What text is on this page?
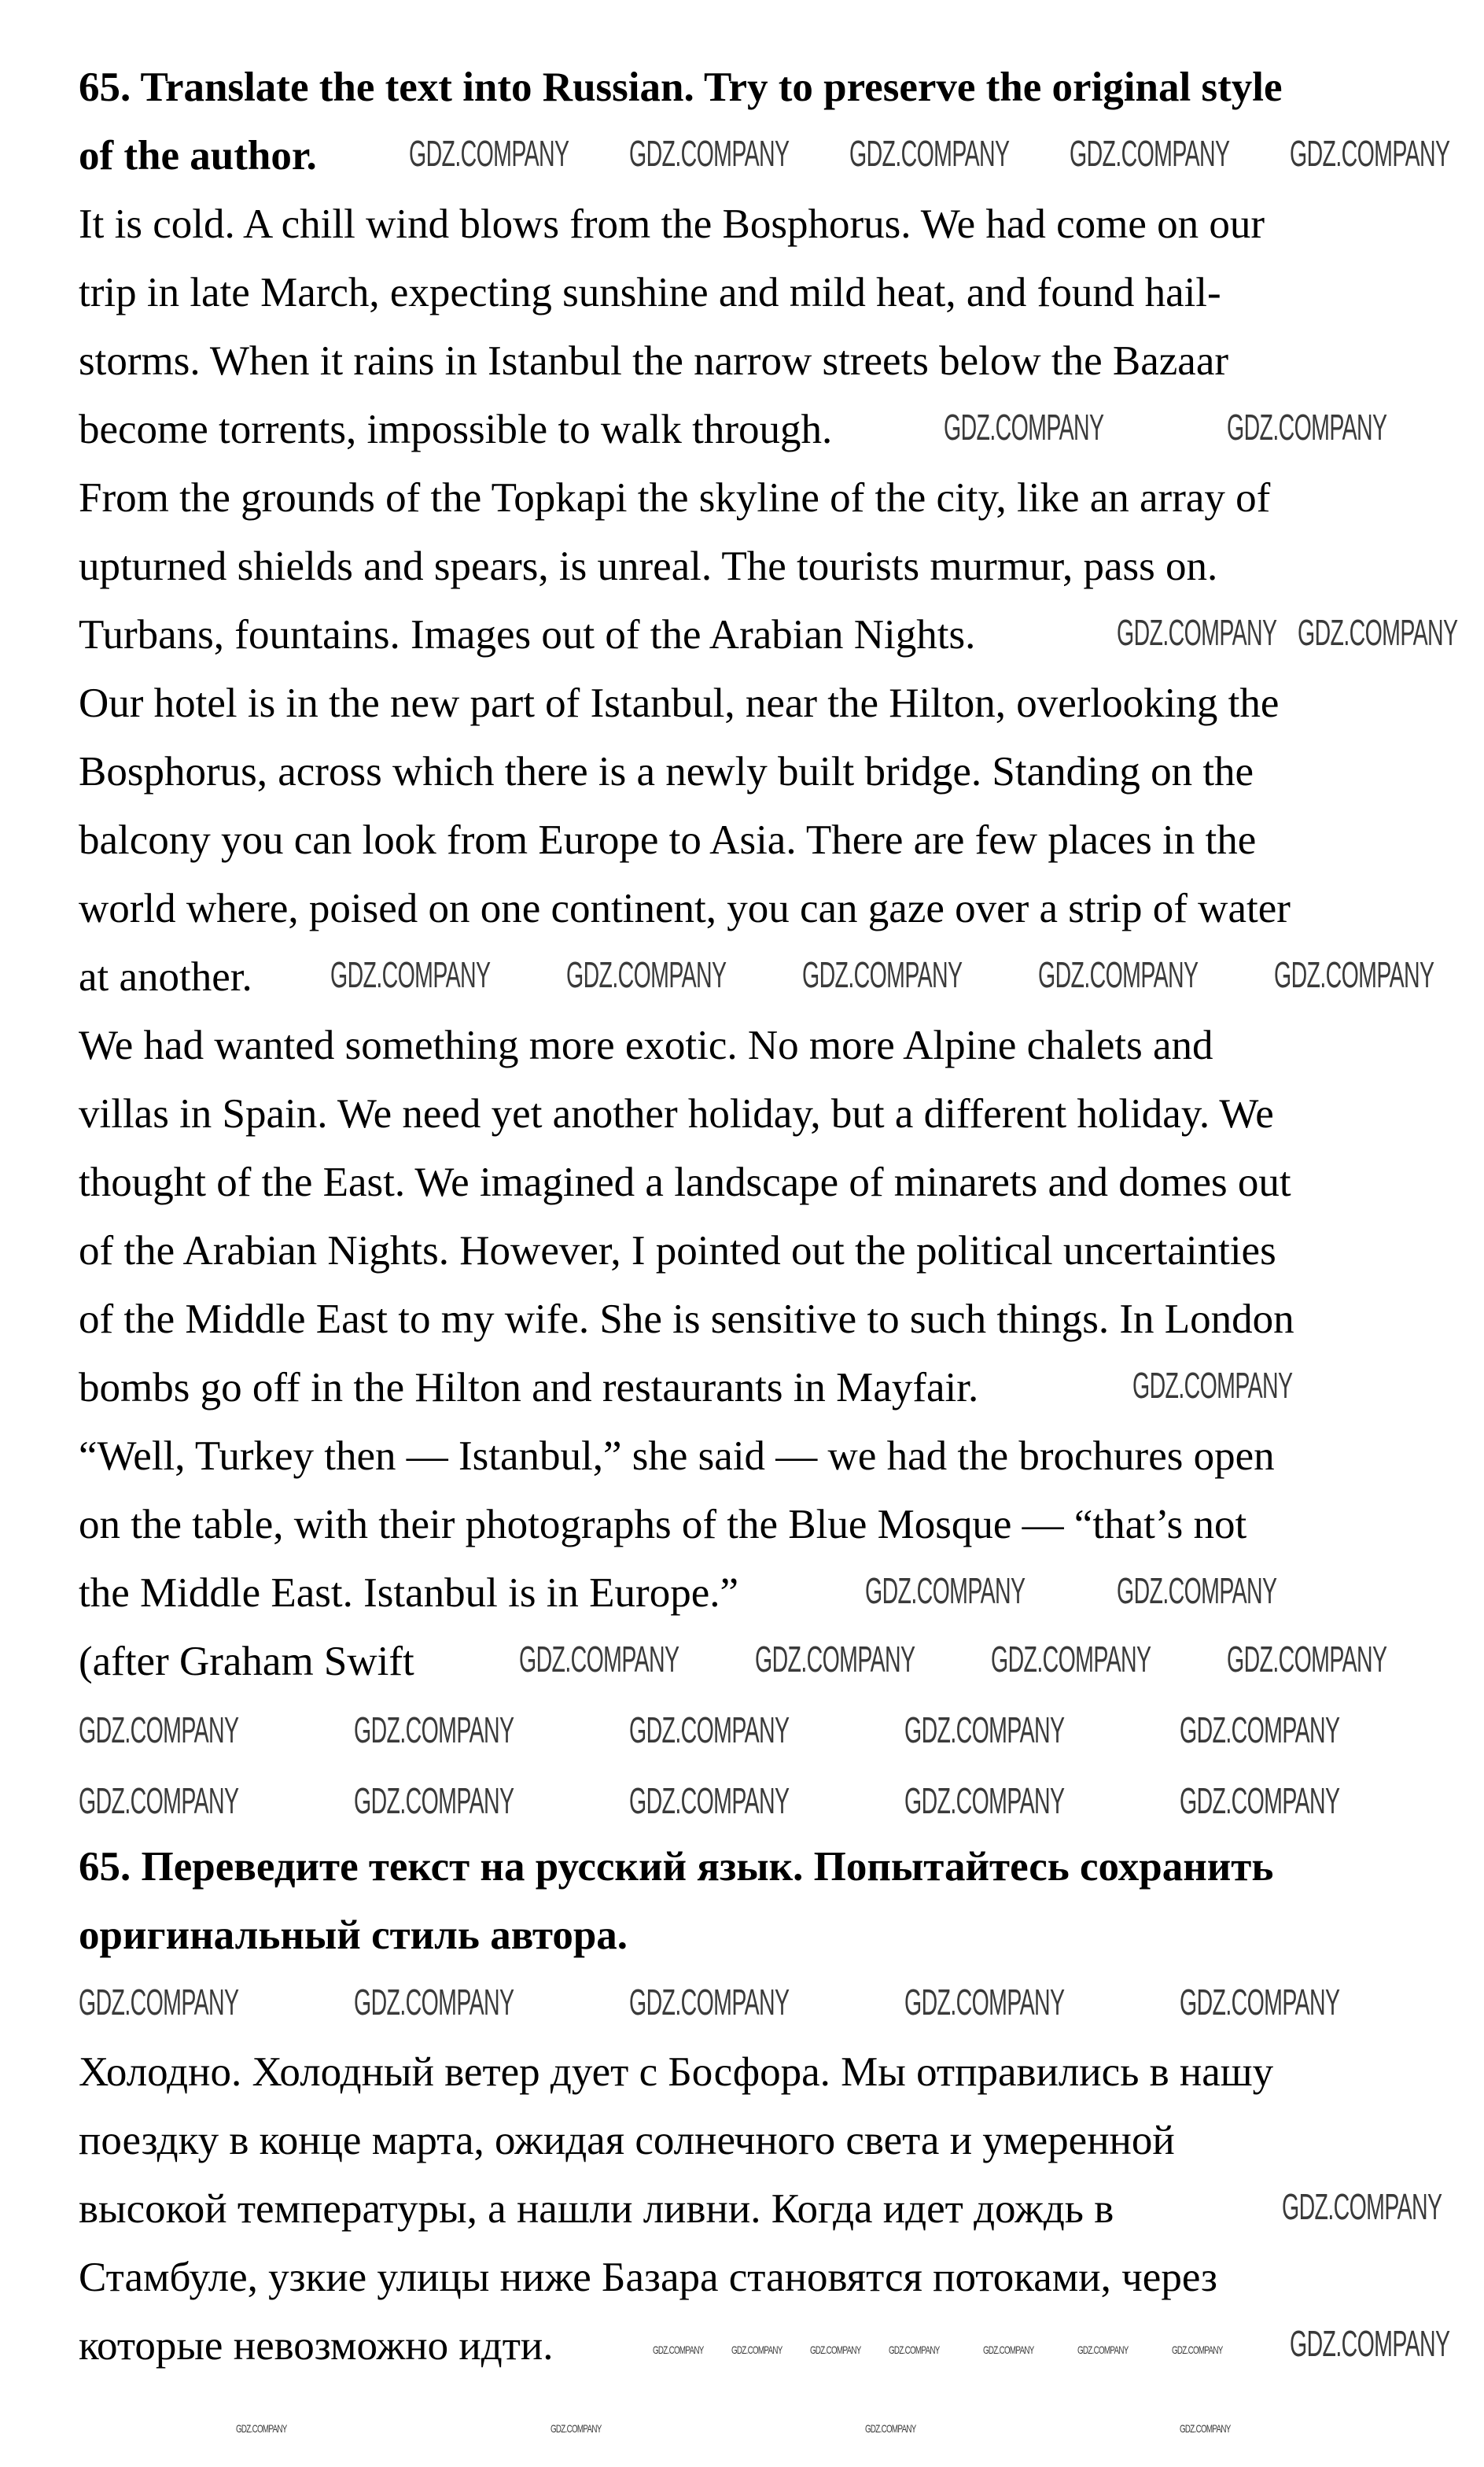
65. Translate the text into Russian. Try to preserve the original style
of the author.
It is cold. A chill wind blows from the Bosphorus. We had come on our
trip in late March, expecting sunshine and mild heat, and found hail-
storms. When it rains in Istanbul the narrow streets below the Bazaar
become torrents, impossible to walk through.
From the grounds of the Topkapi the skyline of the city, like an array of
upturned shields and spears, is unreal. The tourists murmur, pass on.
Turbans, fountains. Images out of the Arabian Nights.
Our hotel is in the new part of Istanbul, near the Hilton, overlooking the
Bosphorus, across which there is a newly built bridge. Standing on the
balcony you can look from Europe to Asia. There are few places in the
world where, poised on one continent, you can gaze over a strip of water
at another.
We had wanted something more exotic. No more Alpine chalets and
villas in Spain. We need yet another holiday, but a different holiday. We
thought of the East. We imagined a landscape of minarets and domes out
of the Arabian Nights. However, I pointed out the political uncertainties
of the Middle East to my wife. She is sensitive to such things. In London
bombs go off in the Hilton and restaurants in Mayfair.
“Well, Turkey then — Istanbul,” she said — we had the brochures open
on the table, with their photographs of the Blue Mosque — “that’s not
the Middle East. Istanbul is in Europe.”
(after Graham Swift
65. Переведите текст на русский язык. Попытайтесь сохранить
оригинальный стиль автора.
Холодно. Холодный ветер дует с Босфора. Мы отправились в нашу
поездку в конце марта, ожидая солнечного света и умеренной
высокой температуры, а нашли ливни. Когда идет дождь в
Стамбуле, узкие улицы ниже Базара становятся потоками, через
которые невозможно идти.
GDZ.COMPANY GDZ.COMPANY GDZ.COMPANY GDZ.COMPANY GDZ.COMPANY
GDZ.COMPANY	GDZ.COMPANY
GDZ.COMPANY GDZ.COMPANY
GDZ.COMPANY GDZ.COMPANY GDZ.COMPANY GDZ.COMPANY GDZ.COMPANY
GDZ.COMPANY
GDZ.COMPANY	GDZ.COMPANY
GDZ.COMPANY GDZ.COMPANY GDZ.COMPANY GDZ.COMPANY
GDZ.COMPANY	GDZ.COMPANY	GDZ.COMPANY	GDZ.COMPANY	GDZ.COMPANY
GDZ.COMPANY	GDZ.COMPANY	GDZ.COMPANY	GDZ.COMPANY	GDZ.COMPANY
GDZ.COMPANY	GDZ.COMPANY	GDZ.COMPANY	GDZ.COMPANY	GDZ.COMPANY
GDZ.COMPANY
GDZ.COMPANY
GDZ.COMPANY	GDZ.COMPANY	GDZ.COMPANY	GDZ.COMPANY	GDZ.COMPANY	GDZ.COMPANY	GDZ.COMPANY
GDZ.COMPANY	GDZ.COMPANY	GDZ.COMPANY	GDZ.COMPANY
